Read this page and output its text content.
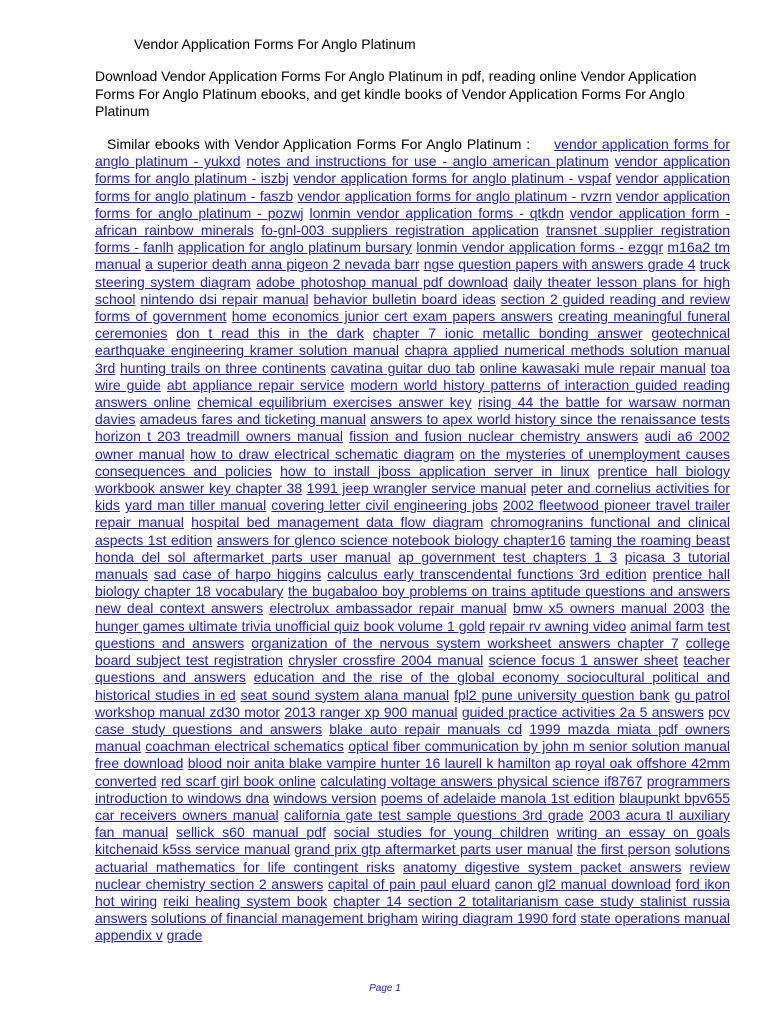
Vendor Application Forms For Anglo Platinum
Download Vendor Application Forms For Anglo Platinum in pdf, reading online Vendor Application Forms For Anglo Platinum ebooks, and get kindle books of Vendor Application Forms For Anglo Platinum
Similar ebooks with Vendor Application Forms For Anglo Platinum : vendor application forms for anglo platinum - yukxd notes and instructions for use - anglo american platinum vendor application forms for anglo platinum - iszbj vendor application forms for anglo platinum - vspaf vendor application forms for anglo platinum - faszb vendor application forms for anglo platinum - rvzrn vendor application forms for anglo platinum - pozwj lonmin vendor application forms - qtkdn vendor application form - african rainbow minerals fo-gnl-003 suppliers registration application transnet supplier registration forms - fanlh application for anglo platinum bursary lonmin vendor application forms - ezgqr m16a2 tm manual a superior death anna pigeon 2 nevada barr ngse question papers with answers grade 4 truck steering system diagram adobe photoshop manual pdf download daily theater lesson plans for high school nintendo dsi repair manual behavior bulletin board ideas section 2 guided reading and review forms of government home economics junior cert exam papers answers creating meaningful funeral ceremonies don t read this in the dark chapter 7 ionic metallic bonding answer geotechnical earthquake engineering kramer solution manual chapra applied numerical methods solution manual 3rd hunting trails on three continents cavatina guitar duo tab online kawasaki mule repair manual toa wire guide abt appliance repair service modern world history patterns of interaction guided reading answers online chemical equilibrium exercises answer key rising 44 the battle for warsaw norman davies amadeus fares and ticketing manual answers to apex world history since the renaissance tests horizon t 203 treadmill owners manual fission and fusion nuclear chemistry answers audi a6 2002 owner manual how to draw electrical schematic diagram on the mysteries of unemployment causes consequences and policies how to install jboss application server in linux prentice hall biology workbook answer key chapter 38 1991 jeep wrangler service manual peter and cornelius activities for kids yard man tiller manual covering letter civil engineering jobs 2002 fleetwood pioneer travel trailer repair manual hospital bed management data flow diagram chromogranins functional and clinical aspects 1st edition answers for glenco science notebook biology chapter16 taming the roaming beast honda del sol aftermarket parts user manual ap government test chapters 1 3 picasa 3 tutorial manuals sad case of harpo higgins calculus early transcendental functions 3rd edition prentice hall biology chapter 18 vocabulary the bugabaloo boy problems on trains aptitude questions and answers new deal context answers electrolux ambassador repair manual bmw x5 owners manual 2003 the hunger games ultimate trivia unofficial quiz book volume 1 gold repair rv awning video animal farm test questions and answers organization of the nervous system worksheet answers chapter 7 college board subject test registration chrysler crossfire 2004 manual science focus 1 answer sheet teacher questions and answers education and the rise of the global economy sociocultural political and historical studies in ed seat sound system alana manual fpl2 pune university question bank gu patrol workshop manual zd30 motor 2013 ranger xp 900 manual guided practice activities 2a 5 answers pcv case study questions and answers blake auto repair manuals cd 1999 mazda miata pdf owners manual coachman electrical schematics optical fiber communication by john m senior solution manual free download blood noir anita blake vampire hunter 16 laurell k hamilton ap royal oak offshore 42mm converted red scarf girl book online calculating voltage answers physical science if8767 programmers introduction to windows dna windows version poems of adelaide manola 1st edition blaupunkt bpv655 car receivers owners manual california gate test sample questions 3rd grade 2003 acura tl auxiliary fan manual sellick s60 manual pdf social studies for young children writing an essay on goals kitchenaid k5ss service manual grand prix gtp aftermarket parts user manual the first person solutions actuarial mathematics for life contingent risks anatomy digestive system packet answers review nuclear chemistry section 2 answers capital of pain paul eluard canon gl2 manual download ford ikon hot wiring reiki healing system book chapter 14 section 2 totalitarianism case study stalinist russia answers solutions of financial management brigham wiring diagram 1990 ford state operations manual appendix v grade
Page 1
